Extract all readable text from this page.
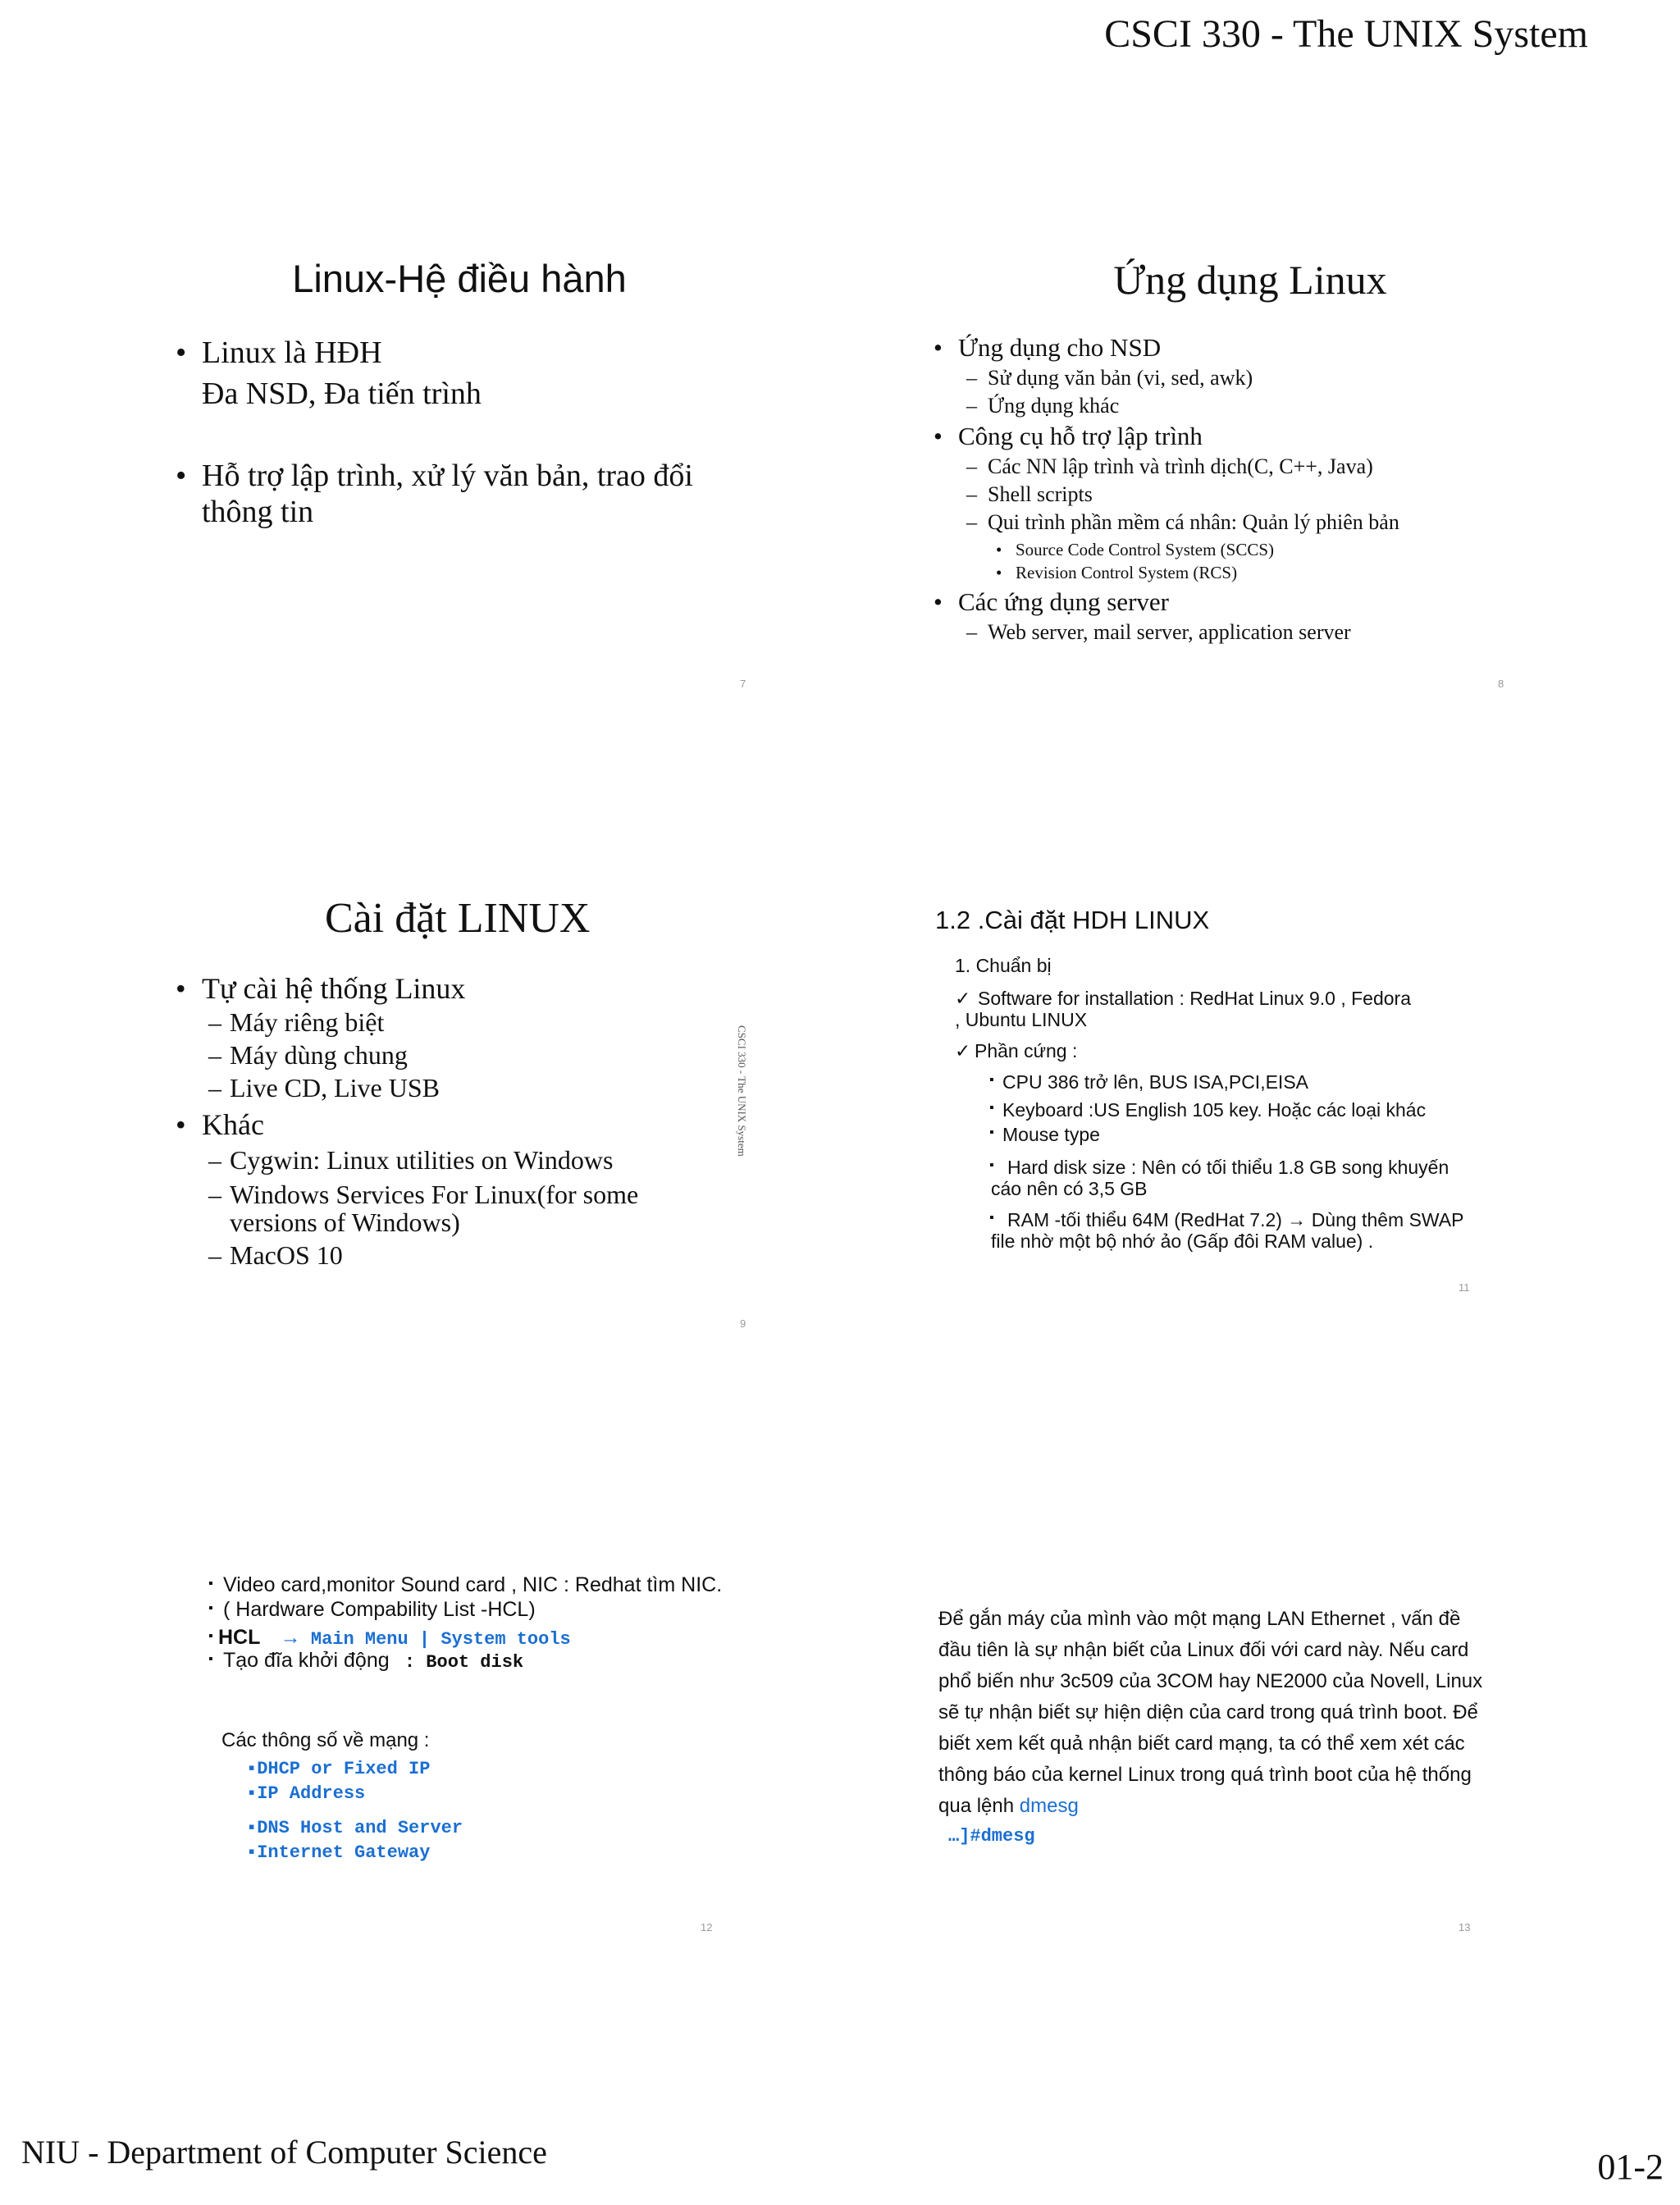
CSCI 330 - The UNIX System
NIU - Department of Computer Science	01-2
Linux-Hệ điều hành
• Linux là HĐH
Đa NSD, Đa tiến trình
• Hỗ trợ lập trình, xử lý văn bản, trao đổi
thông tin
7
Ứng dụng Linux
• Ứng dụng cho NSD
– Sử dụng văn bản (vi, sed, awk)
– Ứng dụng khác
• Công cụ hỗ trợ lập trình
– Các NN lập trình và trình dịch(C, C++, Java)
– Shell scripts
– Qui trình phần mềm cá nhân: Quản lý phiên bản
• Source Code Control System (SCCS)
• Revision Control System (RCS)
• Các ứng dụng server
– Web server, mail server, application server
8
Cài đặt LINUX
• Tự cài hệ thống Linux
– Máy riêng biệt
– Máy dùng chung
– Live CD, Live USB
• Khác
– Cygwin: Linux utilities on Windows
– Windows Services For Linux(for some
versions of Windows)
– MacOS 10
CSCI 330 - The UNIX System
9
1.2 .Cài đặt HDH LINUX
1. Chuẩn bị
✓ Software for installation : RedHat Linux 9.0 , Fedora
, Ubuntu LINUX
✓ Phần cứng :
▪ CPU 386 trở lên, BUS ISA,PCI,EISA
▪ Keyboard :US English 105 key. Hoặc các loại khác
▪ Mouse type
▪ Hard disk size : Nên có tối thiểu 1.8 GB song khuyến
cáo nên có 3,5 GB
▪ RAM -tối thiểu 64M (RedHat 7.2) → Dùng thêm SWAP
file nhờ một bộ nhớ ảo (Gấp đôi RAM value) .
11
▪ Video card,monitor Sound card , NIC : Redhat tìm NIC.
▪ ( Hardware Compability List -HCL)
▪ HCL → Main Menu | System tools
▪ Tạo đĩa khởi động : Boot disk
Các thông số về mạng :
▪DHCP or Fixed IP
▪IP Address
▪DNS Host and Server
▪Internet Gateway
12
Để gắn máy của mình vào một mạng LAN Ethernet , vấn đề
đầu tiên là sự nhận biết của Linux đối với card này. Nếu card
phổ biến như 3c509 của 3COM hay NE2000 của Novell, Linux
sẽ tự nhận biết sự hiện diện của card trong quá trình boot. Để
biết xem kết quả nhận biết card mạng, ta có thể xem xét các
thông báo của kernel Linux trong quá trình boot của hệ thống
qua lệnh dmesg
…]#dmesg
13
